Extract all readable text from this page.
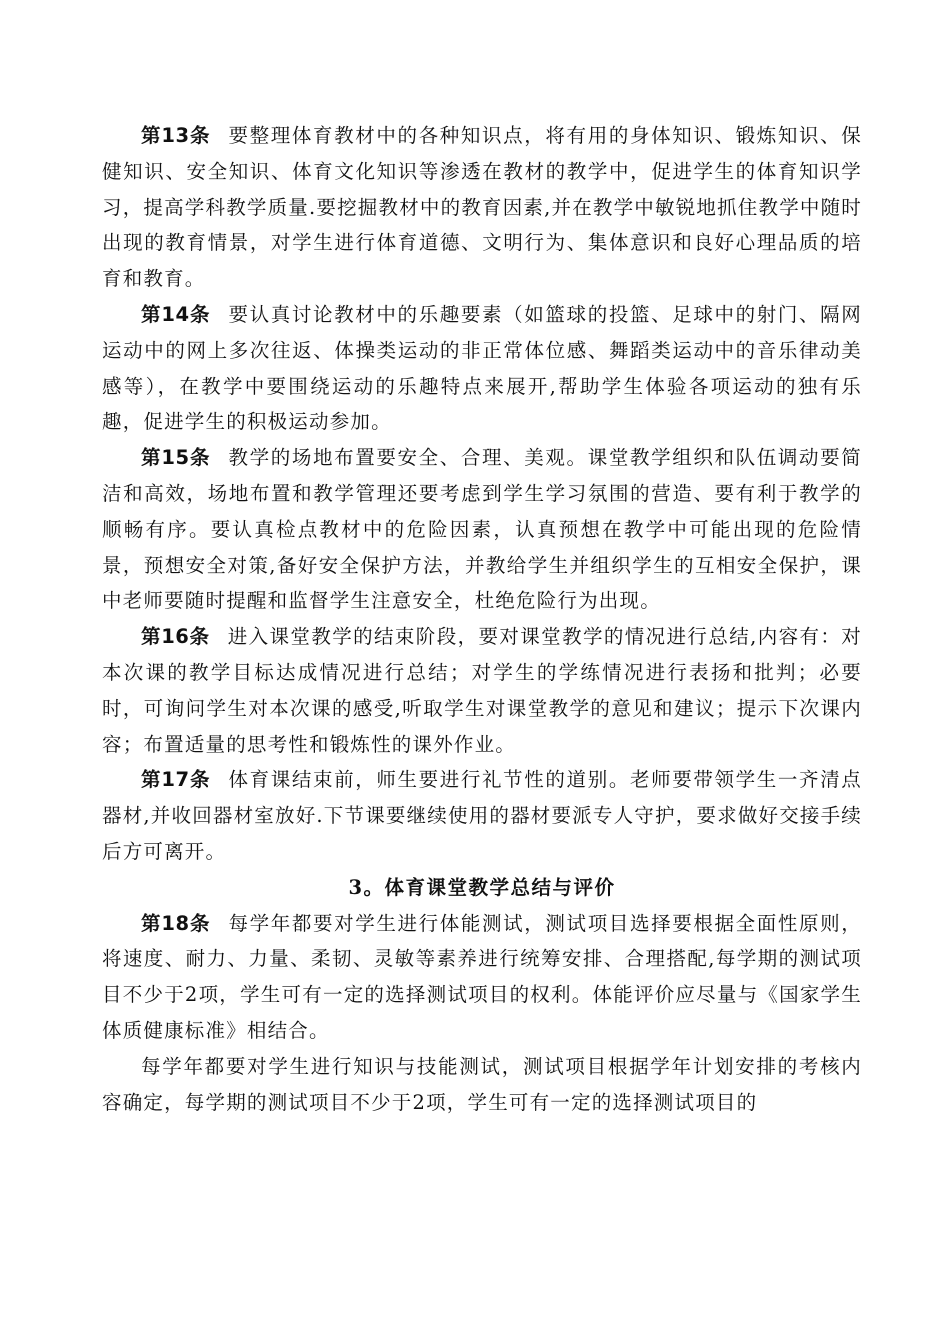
第13条 要整理体育教材中的各种知识点，将有用的身体知识、锻炼知识、保健知识、安全知识、体育文化知识等渗透在教材的教学中，促进学生的体育知识学习，提高学科教学质量.要挖掘教材中的教育因素,并在教学中敏锐地抓住教学中随时出现的教育情景，对学生进行体育道德、文明行为、集体意识和良好心理品质的培育和教育。

第14条 要认真讨论教材中的乐趣要素（如篮球的投篮、足球中的射门、隔网运动中的网上多次往返、体操类运动的非正常体位感、舞蹈类运动中的音乐律动美感等），在教学中要围绕运动的乐趣特点来展开,帮助学生体验各项运动的独有乐趣，促进学生的积极运动参加。

第15条 教学的场地布置要安全、合理、美观。课堂教学组织和队伍调动要简洁和高效，场地布置和教学管理还要考虑到学生学习氛围的营造、要有利于教学的顺畅有序。要认真检点教材中的危险因素，认真预想在教学中可能出现的危险情景，预想安全对策,备好安全保护方法，并教给学生并组织学生的互相安全保护，课中老师要随时提醒和监督学生注意安全，杜绝危险行为出现。

第16条 进入课堂教学的结束阶段，要对课堂教学的情况进行总结,内容有：对本次课的教学目标达成情况进行总结；对学生的学练情况进行表扬和批判；必要时，可询问学生对本次课的感受,听取学生对课堂教学的意见和建议；提示下次课内容；布置适量的思考性和锻炼性的课外作业。

第17条 体育课结束前，师生要进行礼节性的道别。老师要带领学生一齐清点器材,并收回器材室放好.下节课要继续使用的器材要派专人守护，要求做好交接手续后方可离开。

3。体育课堂教学总结与评价

第18条 每学年都要对学生进行体能测试，测试项目选择要根据全面性原则，将速度、耐力、力量、柔韧、灵敏等素养进行统筹安排、合理搭配,每学期的测试项目不少于2项，学生可有一定的选择测试项目的权利。体能评价应尽量与《国家学生体质健康标准》相结合。

每学年都要对学生进行知识与技能测试，测试项目根据学年计划安排的考核内容确定，每学期的测试项目不少于2项，学生可有一定的选择测试项目的
